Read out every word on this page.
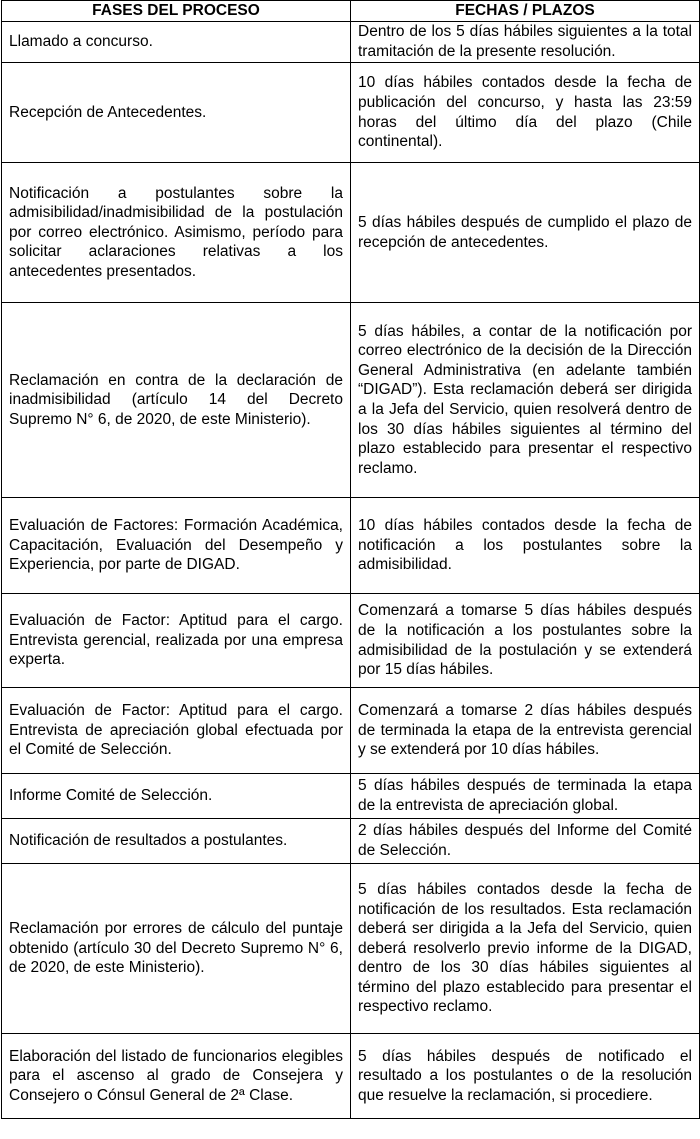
FASES DEL PROCESO	FECHAS / PLAZOS
Llamado a concurso.	Dentro de los 5 días hábiles siguientes a la total tramitación de la presente resolución.
Recepción de Antecedentes.	10 días hábiles contados desde la fecha de publicación del concurso, y hasta las 23:59 horas del último día del plazo (Chile continental).
Notificación a postulantes sobre la admisibilidad/inadmisibilidad de la postulación por correo electrónico. Asimismo, período para solicitar aclaraciones relativas a los antecedentes presentados.	5 días hábiles después de cumplido el plazo de recepción de antecedentes.
Reclamación en contra de la declaración de inadmisibilidad (artículo 14 del Decreto Supremo N° 6, de 2020, de este Ministerio).	5 días hábiles, a contar de la notificación por correo electrónico de la decisión de la Dirección General Administrativa (en adelante también “DIGAD”). Esta reclamación deberá ser dirigida a la Jefa del Servicio, quien resolverá dentro de los 30 días hábiles siguientes al término del plazo establecido para presentar el respectivo reclamo.
Evaluación de Factores: Formación Académica, Capacitación, Evaluación del Desempeño y Experiencia, por parte de DIGAD.	10 días hábiles contados desde la fecha de notificación a los postulantes sobre la admisibilidad.
Evaluación de Factor: Aptitud para el cargo. Entrevista gerencial, realizada por una empresa experta.	Comenzará a tomarse 5 días hábiles después de la notificación a los postulantes sobre la admisibilidad de la postulación y se extenderá por 15 días hábiles.
Evaluación de Factor: Aptitud para el cargo. Entrevista de apreciación global efectuada por el Comité de Selección.	Comenzará a tomarse 2 días hábiles después de terminada la etapa de la entrevista gerencial y se extenderá por 10 días hábiles.
Informe Comité de Selección.	5 días hábiles después de terminada la etapa de la entrevista de apreciación global.
Notificación de resultados a postulantes.	2 días hábiles después del Informe del Comité de Selección.
Reclamación por errores de cálculo del puntaje obtenido (artículo 30 del Decreto Supremo N° 6, de 2020, de este Ministerio).	5 días hábiles contados desde la fecha de notificación de los resultados. Esta reclamación deberá ser dirigida a la Jefa del Servicio, quien deberá resolverlo previo informe de la DIGAD, dentro de los 30 días hábiles siguientes al término del plazo establecido para presentar el respectivo reclamo.
Elaboración del listado de funcionarios elegibles para el ascenso al grado de Consejera y Consejero o Cónsul General de 2ª Clase.	5 días hábiles después de notificado el resultado a los postulantes o de la resolución que resuelve la reclamación, si procediere.
